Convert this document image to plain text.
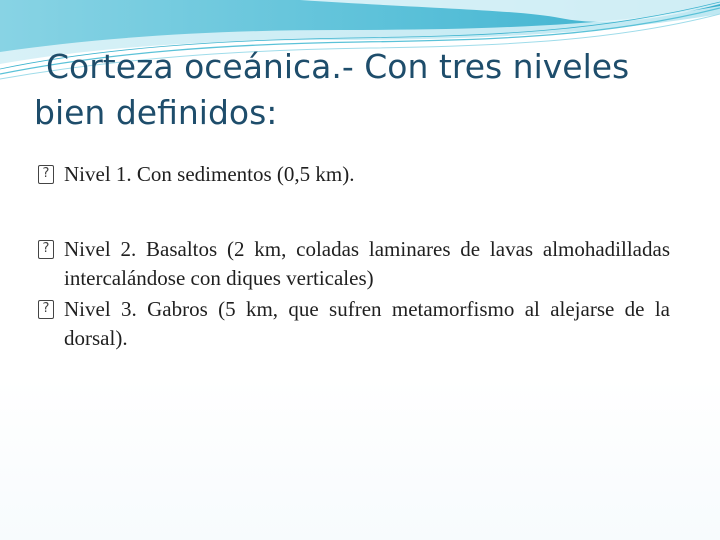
Corteza oceánica.- Con tres niveles bien definidos:
?
Nivel 1. Con sedimentos (0,5 km).
?
Nivel 2. Basaltos (2 km, coladas laminares de lavas almohadilladas intercalándose con diques verticales)
?
Nivel 3. Gabros (5 km, que sufren metamorfismo al alejarse de la dorsal).
